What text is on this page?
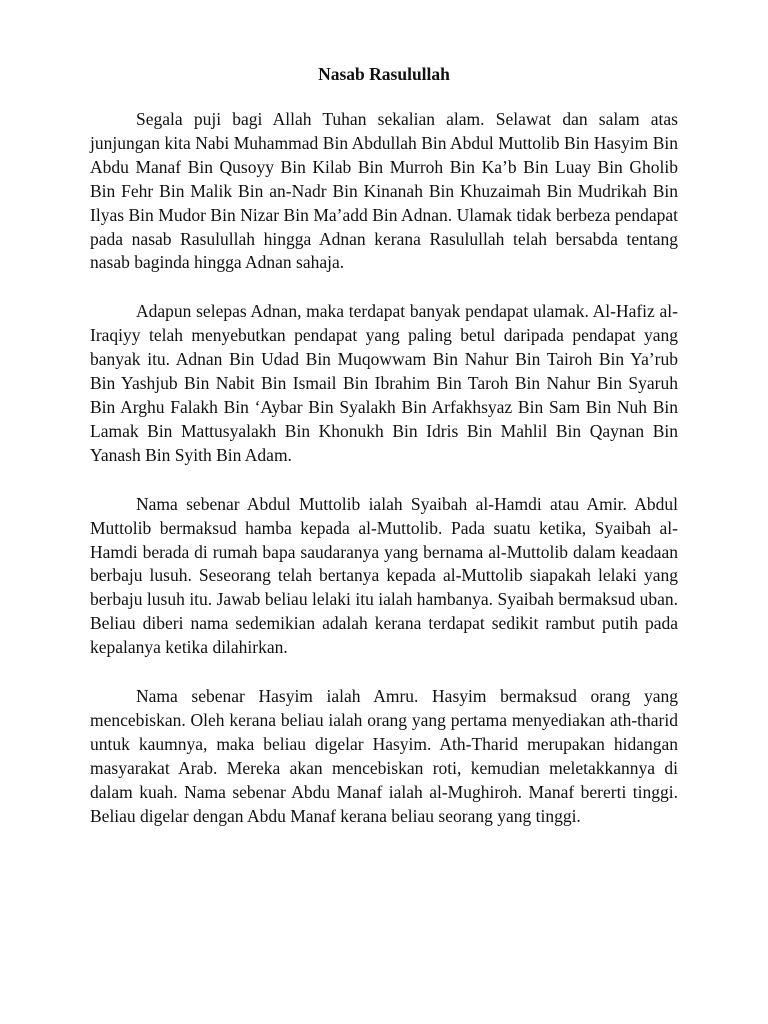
Nasab Rasulullah

Segala puji bagi Allah Tuhan sekalian alam. Selawat dan salam atas junjungan kita Nabi Muhammad Bin Abdullah Bin Abdul Muttolib Bin Hasyim Bin Abdu Manaf Bin Qusoyy Bin Kilab Bin Murroh Bin Ka’b Bin Luay Bin Gholib Bin Fehr Bin Malik Bin an-Nadr Bin Kinanah Bin Khuzaimah Bin Mudrikah Bin Ilyas Bin Mudor Bin Nizar Bin Ma’add Bin Adnan. Ulamak tidak berbeza pendapat pada nasab Rasulullah hingga Adnan kerana Rasulullah telah bersabda tentang nasab baginda hingga Adnan sahaja.

Adapun selepas Adnan, maka terdapat banyak pendapat ulamak. Al-Hafiz al-Iraqiyy telah menyebutkan pendapat yang paling betul daripada pendapat yang banyak itu. Adnan Bin Udad Bin Muqowwam Bin Nahur Bin Tairoh Bin Ya’rub Bin Yashjub Bin Nabit Bin Ismail Bin Ibrahim Bin Taroh Bin Nahur Bin Syaruh Bin Arghu Falakh Bin ‘Aybar Bin Syalakh Bin Arfakhsyaz Bin Sam Bin Nuh Bin Lamak Bin Mattusyalakh Bin Khonukh Bin Idris Bin Mahlil Bin Qaynan Bin Yanash Bin Syith Bin Adam.

Nama sebenar Abdul Muttolib ialah Syaibah al-Hamdi atau Amir. Abdul Muttolib bermaksud hamba kepada al-Muttolib. Pada suatu ketika, Syaibah al-Hamdi berada di rumah bapa saudaranya yang bernama al-Muttolib dalam keadaan berbaju lusuh. Seseorang telah bertanya kepada al-Muttolib siapakah lelaki yang berbaju lusuh itu. Jawab beliau lelaki itu ialah hambanya. Syaibah bermaksud uban. Beliau diberi nama sedemikian adalah kerana terdapat sedikit rambut putih pada kepalanya ketika dilahirkan.

Nama sebenar Hasyim ialah Amru. Hasyim bermaksud orang yang mencebiskan. Oleh kerana beliau ialah orang yang pertama menyediakan ath-tharid untuk kaumnya, maka beliau digelar Hasyim. Ath-Tharid merupakan hidangan masyarakat Arab. Mereka akan mencebiskan roti, kemudian meletakkannya di dalam kuah. Nama sebenar Abdu Manaf ialah al-Mughiroh. Manaf bererti tinggi. Beliau digelar dengan Abdu Manaf kerana beliau seorang yang tinggi.
